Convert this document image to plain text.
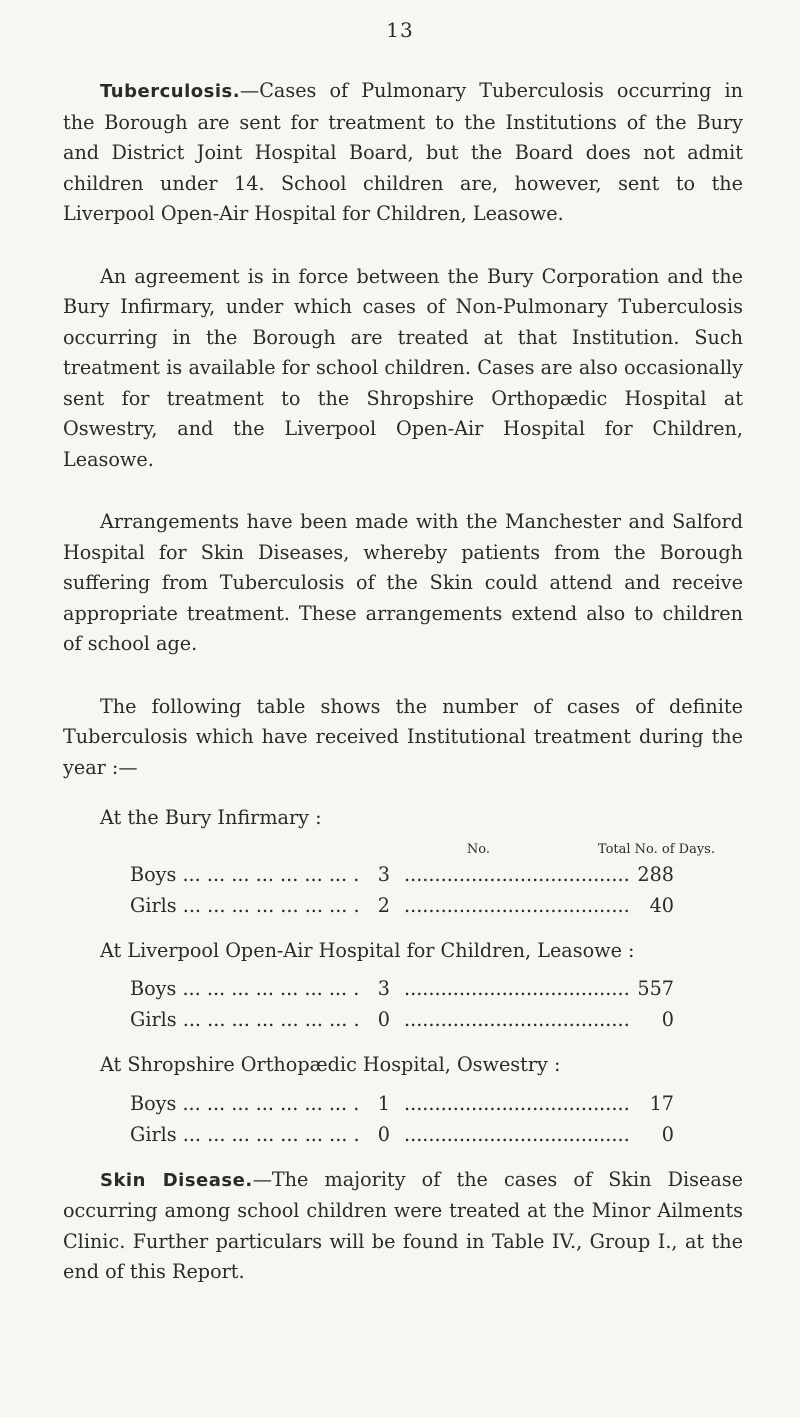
13

Tuberculosis.—Cases of Pulmonary Tuberculosis occurring in the Borough are sent for treatment to the Institutions of the Bury and District Joint Hospital Board, but the Board does not admit children under 14. School children are, however, sent to the Liverpool Open-Air Hospital for Children, Leasowe.

An agreement is in force between the Bury Corporation and the Bury Infirmary, under which cases of Non-Pulmonary Tuberculosis occurring in the Borough are treated at that Institution. Such treatment is available for school children. Cases are also occasionally sent for treatment to the Shropshire Orthopædic Hospital at Oswestry, and the Liverpool Open-Air Hospital for Children, Leasowe.

Arrangements have been made with the Manchester and Salford Hospital for Skin Diseases, whereby patients from the Borough suffering from Tuberculosis of the Skin could attend and receive appropriate treatment. These arrangements extend also to children of school age.

The following table shows the number of cases of definite Tuberculosis which have received Institutional treatment during the year :—

At the Bury Infirmary :
No.	Total No. of Days.
Boys ... .	3 .....	288
Girls ... .	2 .....	40
At Liverpool Open-Air Hospital for Children, Leasowe :
Boys ... .	3 .....	557
Girls ... .	0 .....	0
At Shropshire Orthopædic Hospital, Oswestry :
Boys ... .	1 .....	17
Girls ... .	0 .....	0

Skin Disease.—The majority of the cases of Skin Disease occurring among school children were treated at the Minor Ailments Clinic. Further particulars will be found in Table IV., Group I., at the end of this Report.
